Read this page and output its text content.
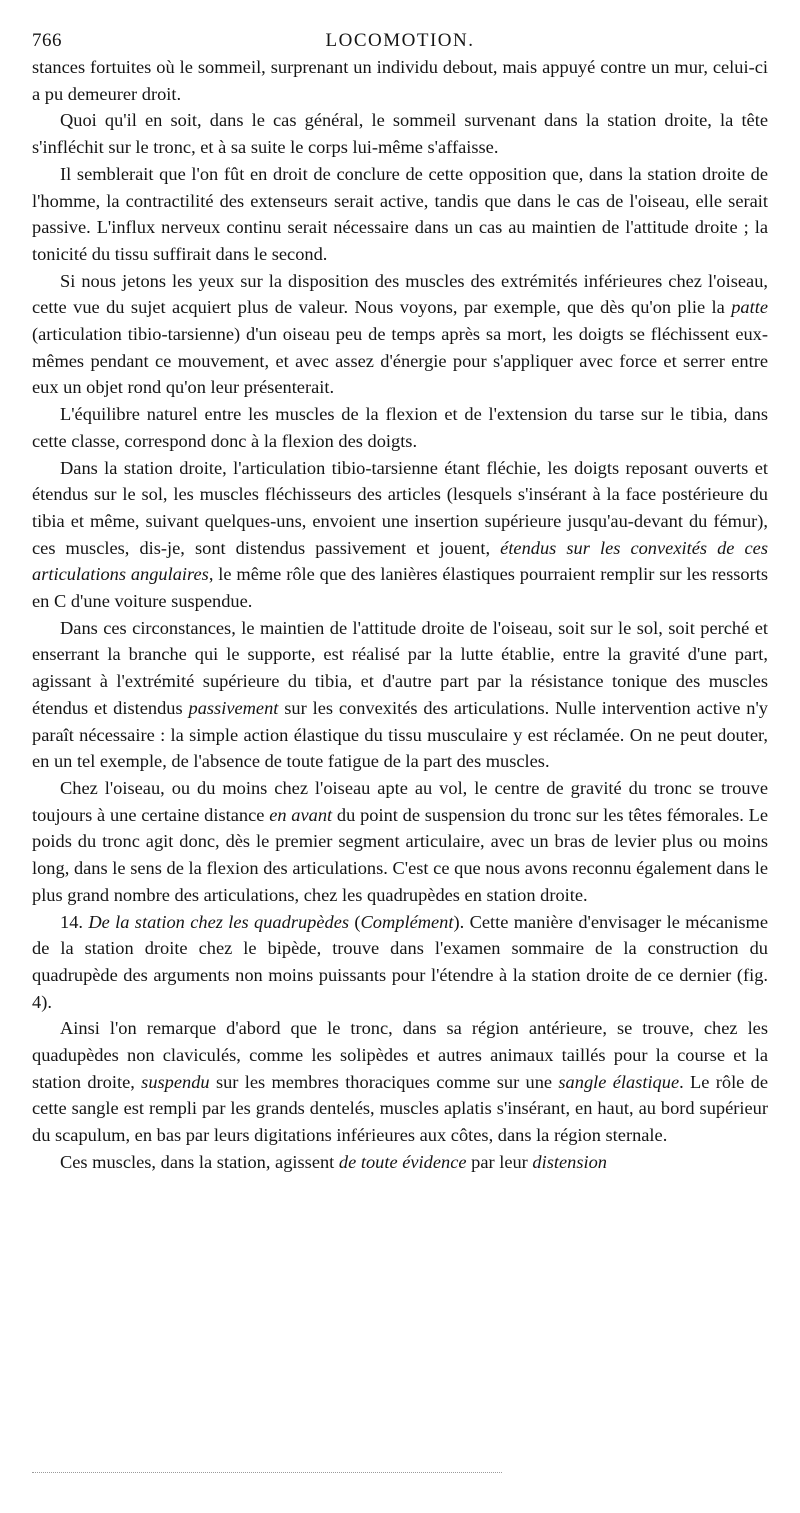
766	LOCOMOTION.

stances fortuites où le sommeil, surprenant un individu debout, mais appuyé contre un mur, celui-ci a pu demeurer droit.

Quoi qu'il en soit, dans le cas général, le sommeil survenant dans la station droite, la tête s'infléchit sur le tronc, et à sa suite le corps lui-même s'affaisse.

Il semblerait que l'on fût en droit de conclure de cette opposition que, dans la station droite de l'homme, la contractilité des extenseurs serait active, tandis que dans le cas de l'oiseau, elle serait passive. L'influx nerveux continu serait nécessaire dans un cas au maintien de l'attitude droite ; la tonicité du tissu suffirait dans le second.

Si nous jetons les yeux sur la disposition des muscles des extrémités inférieures chez l'oiseau, cette vue du sujet acquiert plus de valeur. Nous voyons, par exemple, que dès qu'on plie la patte (articulation tibio-tarsienne) d'un oiseau peu de temps après sa mort, les doigts se fléchissent eux-mêmes pendant ce mouvement, et avec assez d'énergie pour s'appliquer avec force et serrer entre eux un objet rond qu'on leur présenterait.

L'équilibre naturel entre les muscles de la flexion et de l'extension du tarse sur le tibia, dans cette classe, correspond donc à la flexion des doigts.

Dans la station droite, l'articulation tibio-tarsienne étant fléchie, les doigts reposant ouverts et étendus sur le sol, les muscles fléchisseurs des articles (lesquels s'insérant à la face postérieure du tibia et même, suivant quelques-uns, envoient une insertion supérieure jusqu'au-devant du fémur), ces muscles, dis-je, sont distendus passivement et jouent, étendus sur les convexités de ces articulations angulaires, le même rôle que des lanières élastiques pourraient remplir sur les ressorts en C d'une voiture suspendue.

Dans ces circonstances, le maintien de l'attitude droite de l'oiseau, soit sur le sol, soit perché et enserrant la branche qui le supporte, est réalisé par la lutte établie, entre la gravité d'une part, agissant à l'extrémité supérieure du tibia, et d'autre part par la résistance tonique des muscles étendus et distendus passivement sur les convexités des articulations. Nulle intervention active n'y paraît nécessaire : la simple action élastique du tissu musculaire y est réclamée. On ne peut douter, en un tel exemple, de l'absence de toute fatigue de la part des muscles.

Chez l'oiseau, ou du moins chez l'oiseau apte au vol, le centre de gravité du tronc se trouve toujours à une certaine distance en avant du point de suspension du tronc sur les têtes fémorales. Le poids du tronc agit donc, dès le premier segment articulaire, avec un bras de levier plus ou moins long, dans le sens de la flexion des articulations. C'est ce que nous avons reconnu également dans le plus grand nombre des articulations, chez les quadrupèdes en station droite.

14. De la station chez les quadrupèdes (Complément). Cette manière d'envisager le mécanisme de la station droite chez le bipède, trouve dans l'examen sommaire de la construction du quadrupède des arguments non moins puissants pour l'étendre à la station droite de ce dernier (fig. 4).

Ainsi l'on remarque d'abord que le tronc, dans sa région antérieure, se trouve, chez les quadupèdes non claviculés, comme les solipèdes et autres animaux taillés pour la course et la station droite, suspendu sur les membres thoraciques comme sur une sangle élastique. Le rôle de cette sangle est rempli par les grands dentelés, muscles aplatis s'insérant, en haut, au bord supérieur du scapulum, en bas par leurs digitations inférieures aux côtes, dans la région sternale.

Ces muscles, dans la station, agissent de toute évidence par leur distension
